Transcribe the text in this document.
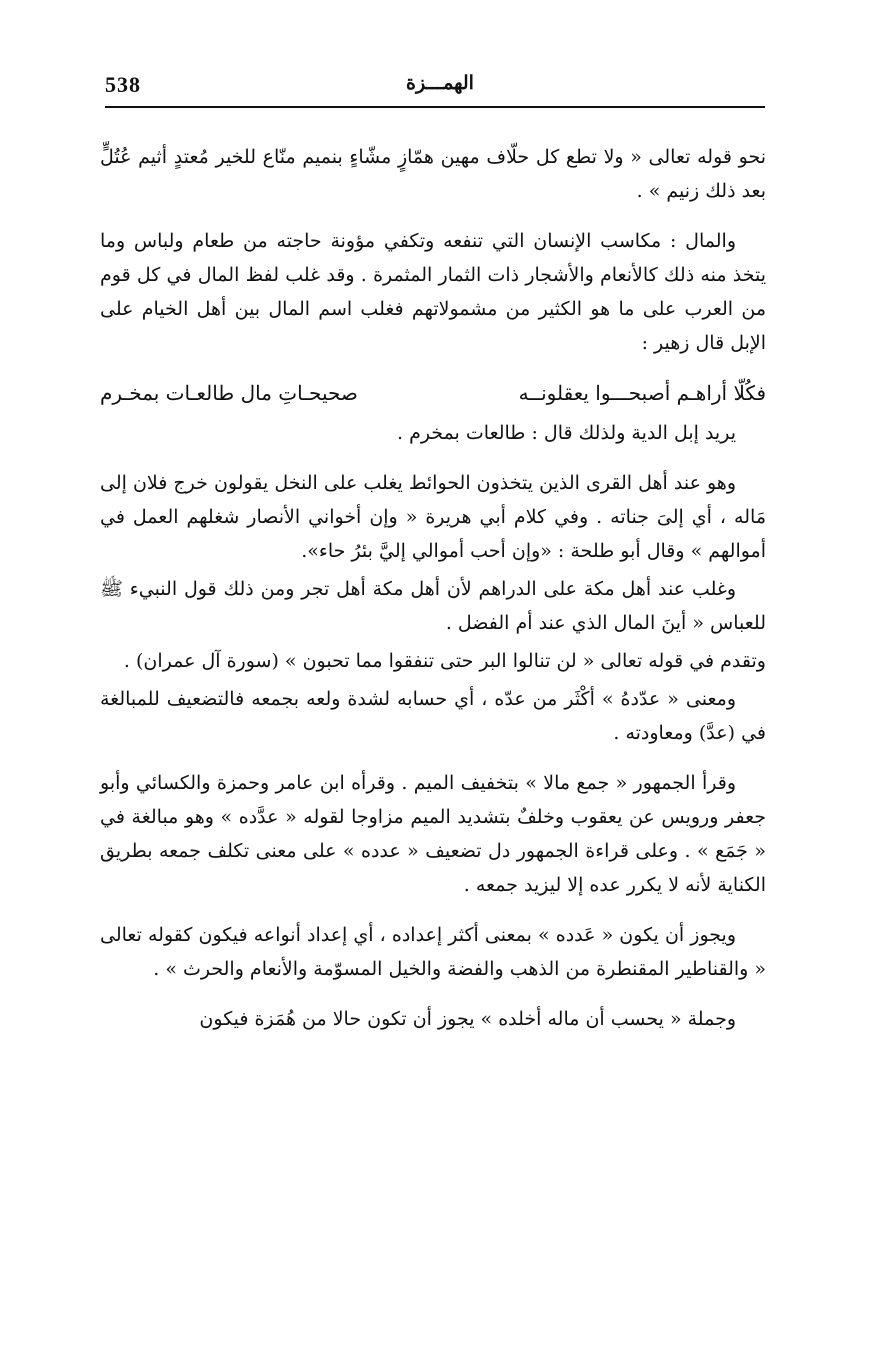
538	الهمـــزة

نحو قوله تعالى « ولا تطع كل حلّاف مهين همّازٍ مشّاءٍ بنميم منّاع للخير مُعتدٍ أثيم عُتُلٍّ بعد ذلك زنيم » .

والمال : مكاسب الإنسان التي تنفعه وتكفي مؤونة حاجته من طعام ولباس وما يتخذ منه ذلك كالأنعام والأشجار ذات الثمار المثمرة . وقد غلب لفظ المال في كل قوم من العرب على ما هو الكثير من مشمولاتهم فغلب اسم المال بين أهل الخيام على الإبل قال زهير :

فكُلّا أراهـم أصبحـــوا يعقلونــه
صحيحـاتِ مال طالعـات بمخـرم

يريد إبل الدية ولذلك قال : طالعات بمخرم .

وهو عند أهل القرى الذين يتخذون الحوائط يغلب على النخل يقولون خرج فلان إلى مَاله ، أي إلىَ جناته . وفي كلام أبي هريرة « وإن أخواني الأنصار شغلهم العمل في أموالهم » وقال أبو طلحة : «وإن أحب أموالي إليَّ بئرُ حاء».

وغلب عند أهل مكة على الدراهم لأن أهل مكة أهل تجر ومن ذلك قول النبيء ﷺ للعباس « أينَ المال الذي عند أم الفضل .

وتقدم في قوله تعالى « لن تنالوا البر حتى تنفقوا مما تحبون » (سورة آل عمران) .

ومعنى « عدّدهُ » أكْثَر من عدّه ، أي حسابه لشدة ولعه بجمعه فالتضعيف للمبالغة في (عدَّ) ومعاودته .

وقرأ الجمهور « جمع مالا » بتخفيف الميم . وقرأه ابن عامر وحمزة والكسائي وأبو جعفر ورويس عن يعقوب وخلفٌ بتشديد الميم مزاوجا لقوله « عدَّده » وهو مبالغة في « جَمَع » . وعلى قراءة الجمهور دل تضعيف « عدده » على معنى تكلف جمعه بطريق الكناية لأنه لا يكرر عده إلا ليزيد جمعه .

ويجوز أن يكون « عَدده » بمعنى أكثر إعداده ، أي إعداد أنواعه فيكون كقوله تعالى « والقناطير المقنطرة من الذهب والفضة والخيل المسوّمة والأنعام والحرث » .

وجملة « يحسب أن ماله أخلده » يجوز أن تكون حالا من هُمَزة فيكون
